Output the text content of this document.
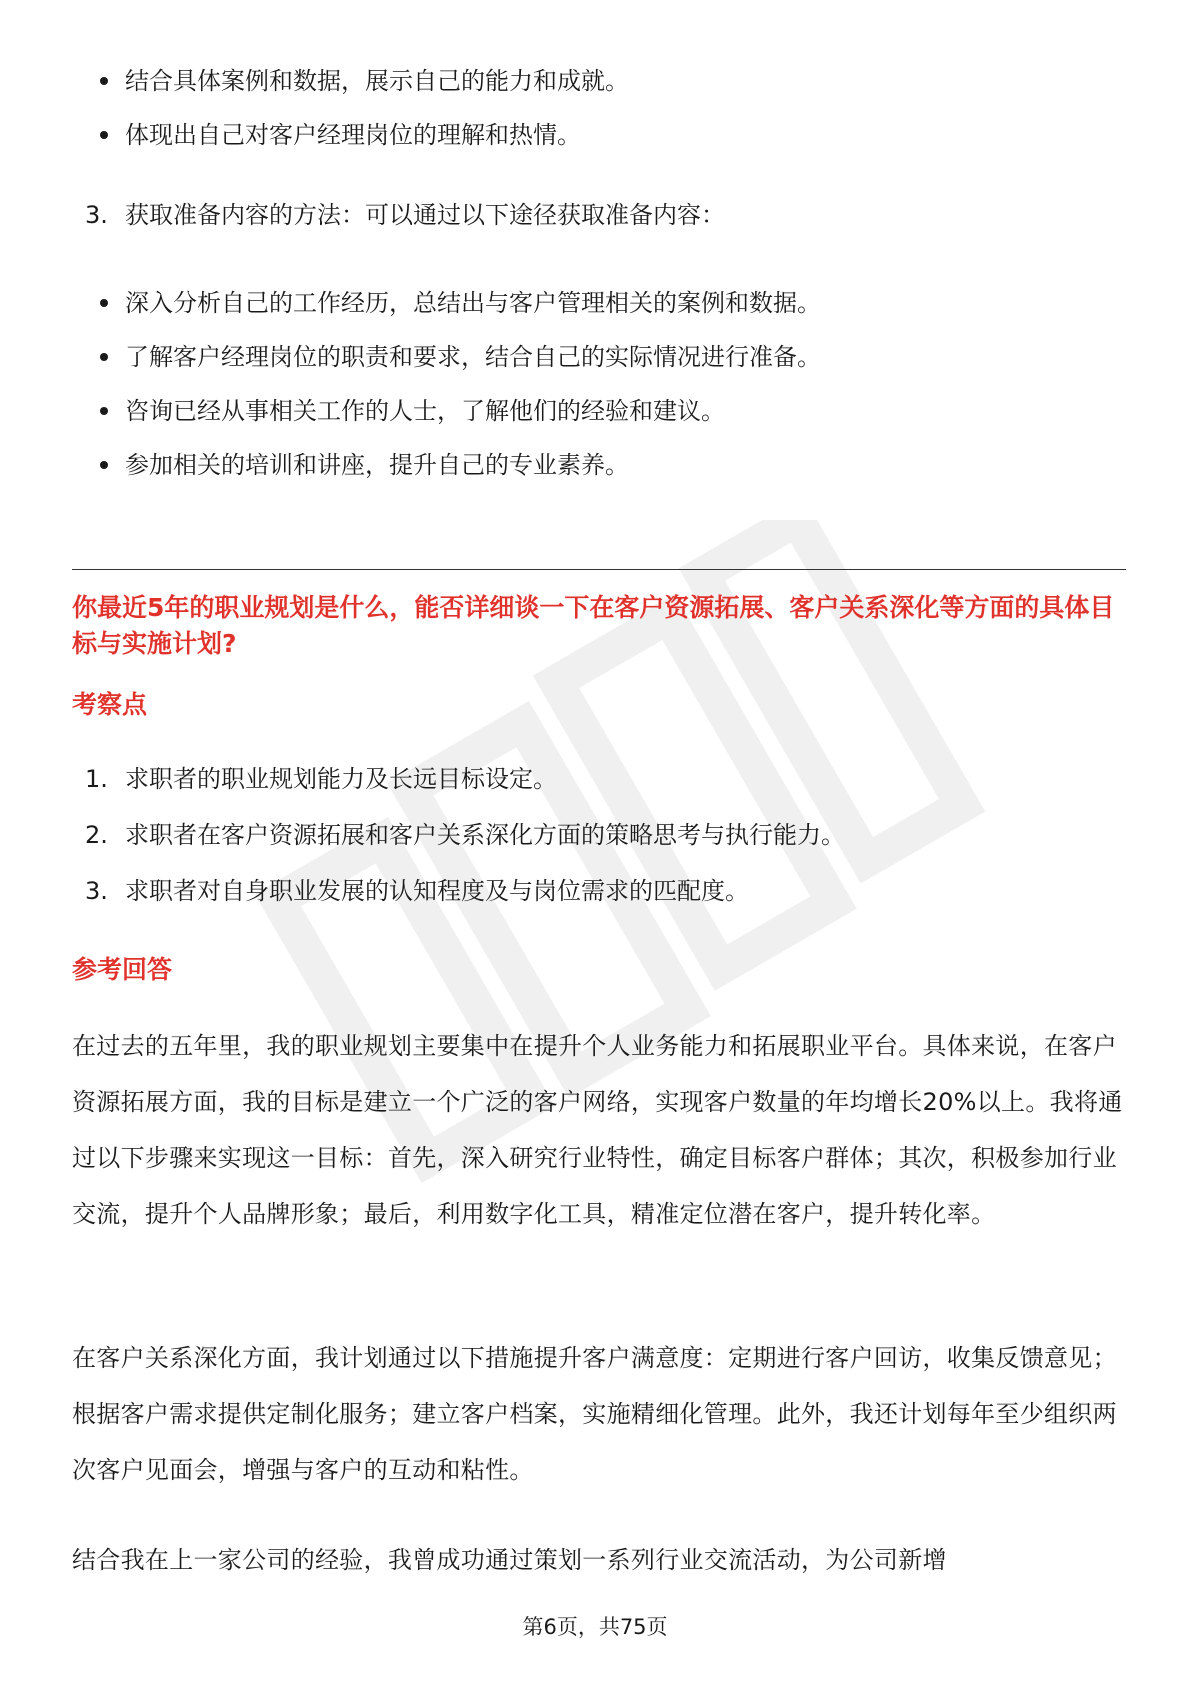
结合具体案例和数据，展示自己的能力和成就。
体现出自己对客户经理岗位的理解和热情。
3. 获取准备内容的方法：可以通过以下途径获取准备内容：
深入分析自己的工作经历，总结出与客户管理相关的案例和数据。
了解客户经理岗位的职责和要求，结合自己的实际情况进行准备。
咨询已经从事相关工作的人士，了解他们的经验和建议。
参加相关的培训和讲座，提升自己的专业素养。
你最近5年的职业规划是什么，能否详细谈一下在客户资源拓展、客户关系深化等方面的具体目标与实施计划?
考察点
1. 求职者的职业规划能力及长远目标设定。
2. 求职者在客户资源拓展和客户关系深化方面的策略思考与执行能力。
3. 求职者对自身职业发展的认知程度及与岗位需求的匹配度。
参考回答
在过去的五年里，我的职业规划主要集中在提升个人业务能力和拓展职业平台。具体来说，在客户资源拓展方面，我的目标是建立一个广泛的客户网络，实现客户数量的年均增长20%以上。我将通过以下步骤来实现这一目标：首先，深入研究行业特性，确定目标客户群体；其次，积极参加行业交流，提升个人品牌形象；最后，利用数字化工具，精准定位潜在客户，提升转化率。
在客户关系深化方面，我计划通过以下措施提升客户满意度：定期进行客户回访，收集反馈意见；根据客户需求提供定制化服务；建立客户档案，实施精细化管理。此外，我还计划每年至少组织两次客户见面会，增强与客户的互动和粘性。
结合我在上一家公司的经验，我曾成功通过策划一系列行业交流活动，为公司新增
第6页，共75页
